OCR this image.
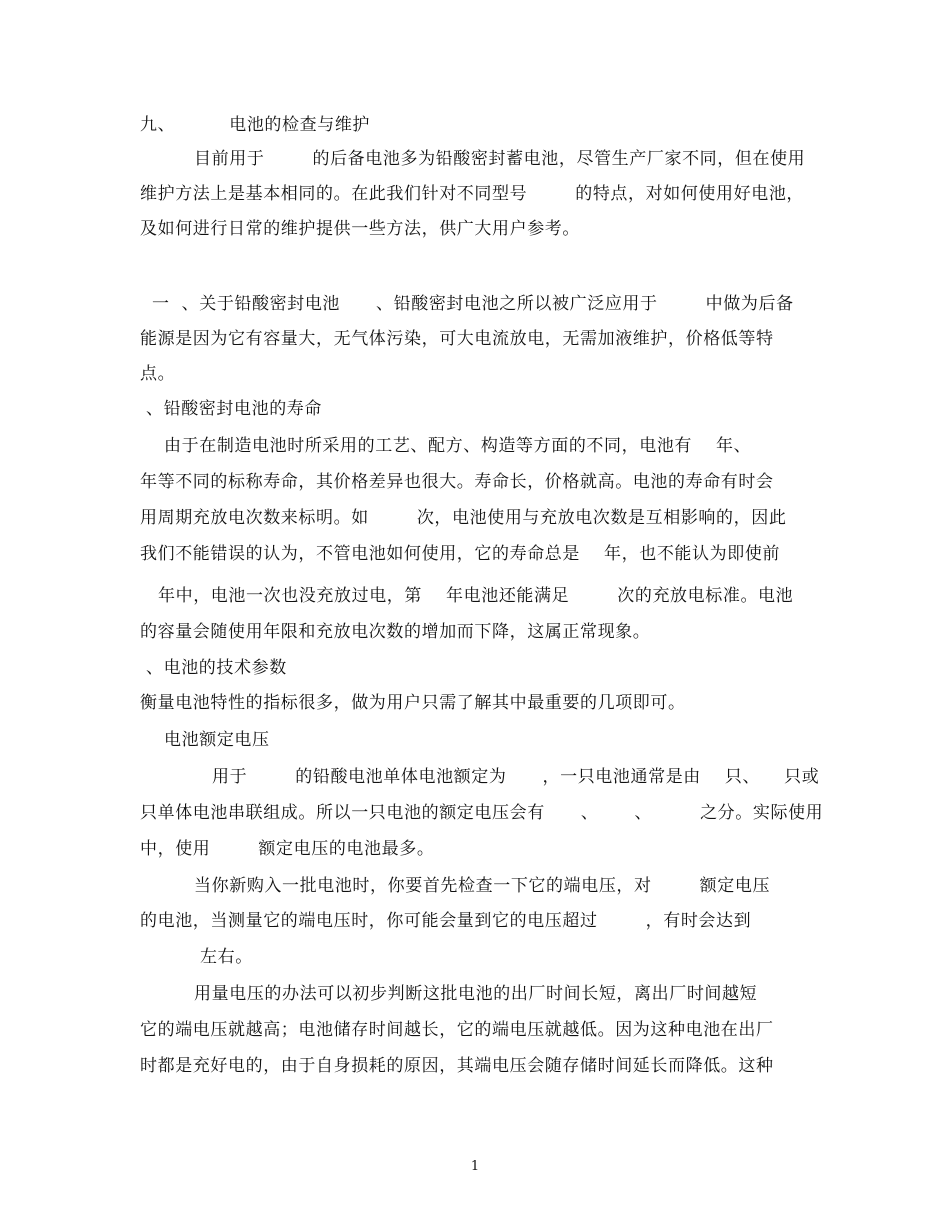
九、         电池的检查与维护
目前用于        的后备电池多为铅酸密封蓄电池，尽管生产厂家不同，但在使用
维护方法上是基本相同的。在此我们针对不同型号        的特点，对如何使用好电池，
及如何进行日常的维护提供一些方法，供广大用户参考。
一  、关于铅酸密封电池      、铅酸密封电池之所以被广泛应用于        中做为后备
能源是因为它有容量大，无气体污染，可大电流放电，无需加液维护，价格低等特
点。
、铅酸密封电池的寿命
由于在制造电池时所采用的工艺、配方、构造等方面的不同，电池有    年、
年等不同的标称寿命，其价格差异也很大。寿命长，价格就高。电池的寿命有时会
用周期充放电次数来标明。如        次，电池使用与充放电次数是互相影响的，因此
我们不能错误的认为，不管电池如何使用，它的寿命总是    年，也不能认为即使前
年中，电池一次也没充放过电，第    年电池还能满足        次的充放电标准。电池
的容量会随使用年限和充放电次数的增加而下降，这属正常现象。
、电池的技术参数
衡量电池特性的指标很多，做为用户只需了解其中最重要的几项即可。
电池额定电压
用于        的铅酸电池单体电池额定为      ，一只电池通常是由    只、    只或
只单体电池串联组成。所以一只电池的额定电压会有      、      、        之分。实际使用
中，使用        额定电压的电池最多。
当你新购入一批电池时，你要首先检查一下它的端电压，对        额定电压
的电池，当测量它的端电压时，你可能会量到它的电压超过        ，有时会达到
左右。
用量电压的办法可以初步判断这批电池的出厂时间长短，离出厂时间越短
它的端电压就越高；电池储存时间越长，它的端电压就越低。因为这种电池在出厂
时都是充好电的，由于自身损耗的原因，其端电压会随存储时间延长而降低。这种
1
